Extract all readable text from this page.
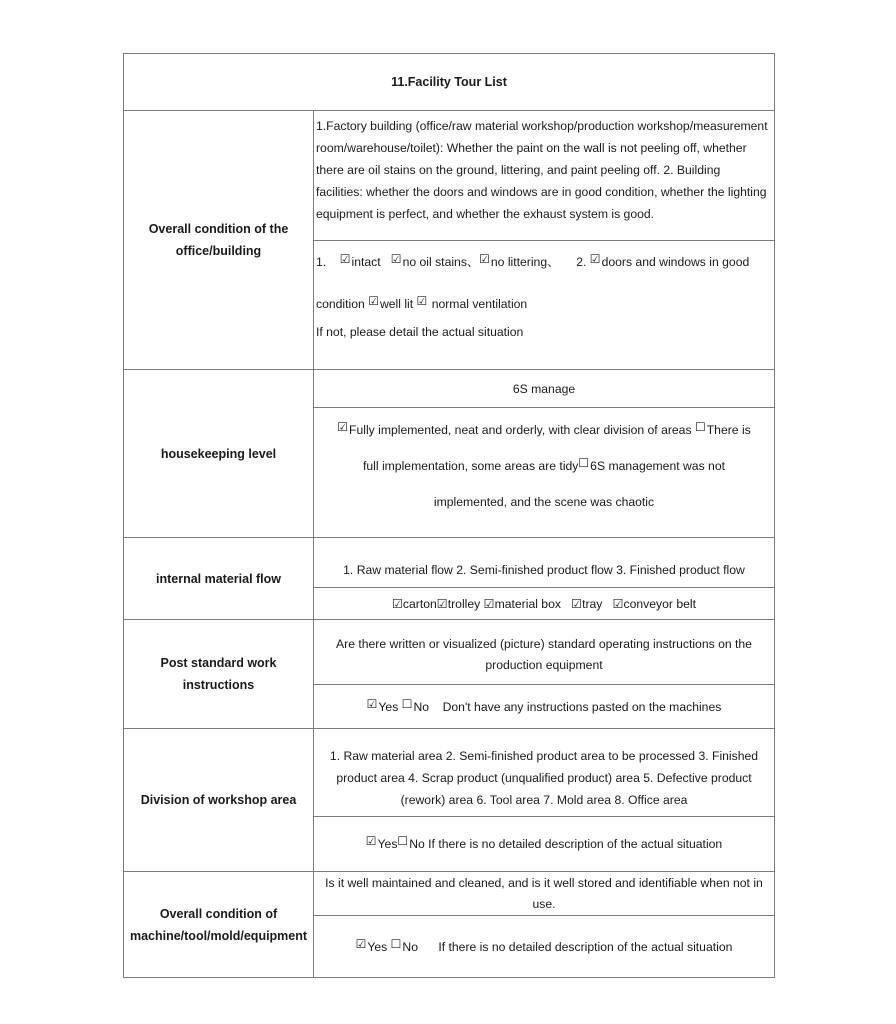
11.Facility Tour List
Overall condition of the office/building
1.Factory building (office/raw material workshop/production workshop/measurement room/warehouse/toilet): Whether the paint on the wall is not peeling off, whether there are oil stains on the ground, littering, and paint peeling off. 2. Building facilities: whether the doors and windows are in good condition, whether the lighting equipment is perfect, and whether the exhaust system is good.

1. ☑intact ☑no oil stains、☑no littering、 2. ☑doors and windows in good

condition ☑well lit ☑ normal ventilation

If not, please detail the actual situation

housekeeping level
6S manage

☑Fully implemented, neat and orderly, with clear division of areas ☐There is

full implementation, some areas are tidy☐6S management was not

implemented, and the scene was chaotic

internal material flow
1. Raw material flow 2. Semi-finished product flow 3. Finished product flow
☑ carton ☑ trolley
☑ material box
☑ tray
☑ conveyor belt
Post standard work instructions
Are there written or visualized (picture) standard operating instructions on the production equipment
☑ Yes
☐ No
Don't have any instructions pasted on the machines
Division of workshop area
1. Raw material area 2. Semi-finished product area to be processed 3. Finished product area 4. Scrap product (unqualified product) area 5. Defective product (rework) area 6. Tool area 7. Mold area 8. Office area
☑ Yes ☐ No
If there is no detailed description of the actual situation
Overall condition of machine/tool/mold/equipment
Is it well maintained and cleaned, and is it well stored and identifiable when not in use.
☑ Yes
☐ No
If there is no detailed description of the actual situation
